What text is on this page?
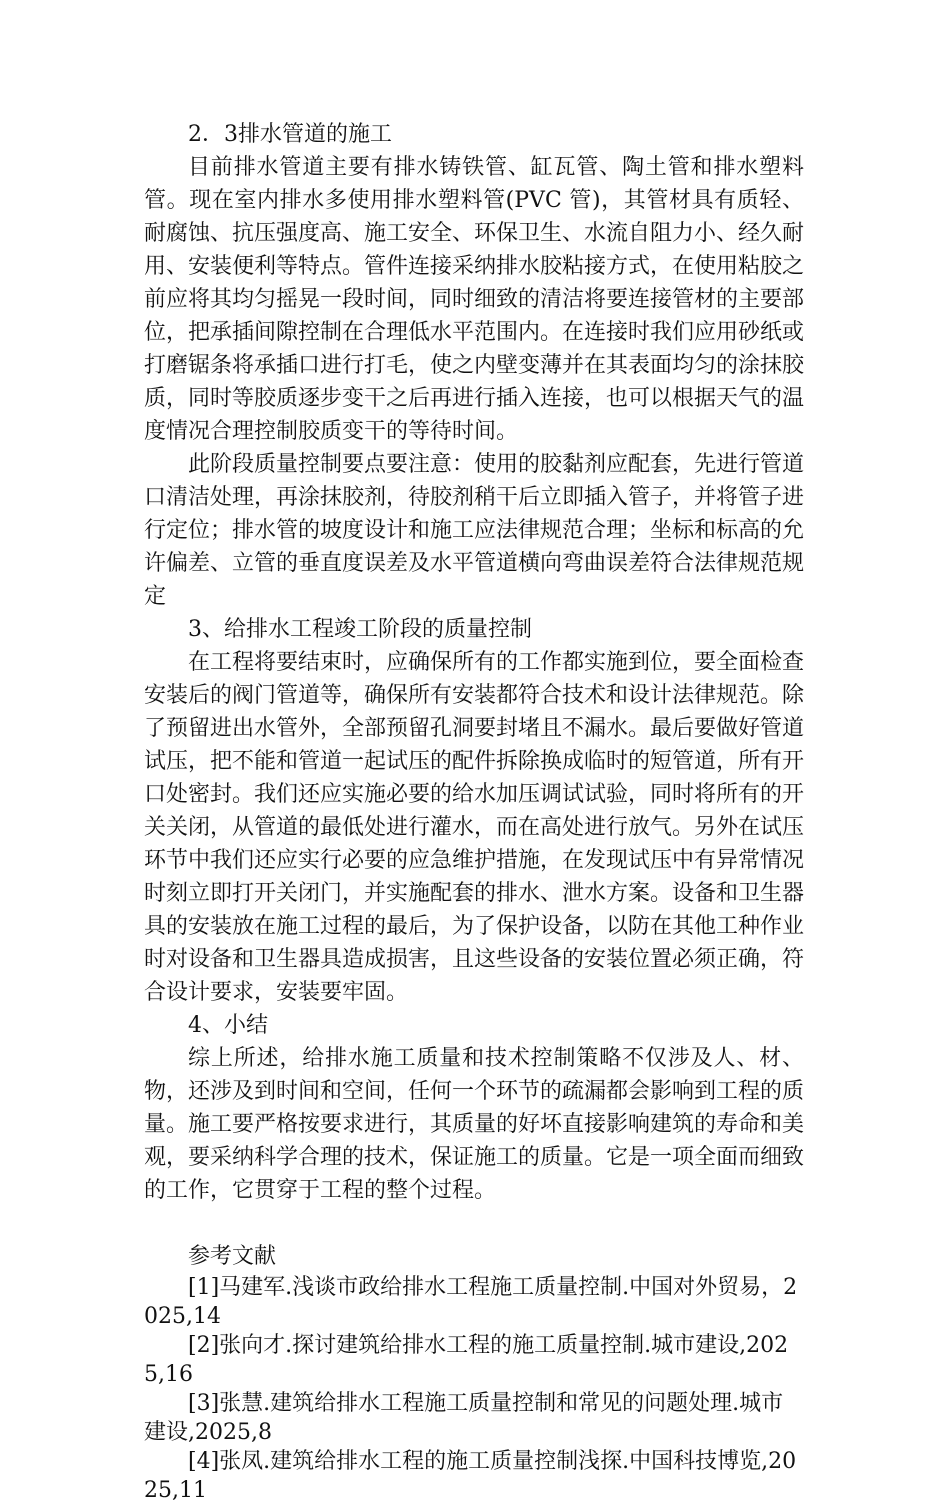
2．3排水管道的施工

目前排水管道主要有排水铸铁管、缸瓦管、陶土管和排水塑料管。现在室内排水多使用排水塑料管(PVC 管)，其管材具有质轻、耐腐蚀、抗压强度高、施工安全、环保卫生、水流自阻力小、经久耐用、安装便利等特点。管件连接采纳排水胶粘接方式，在使用粘胶之前应将其均匀摇晃一段时间，同时细致的清洁将要连接管材的主要部位，把承插间隙控制在合理低水平范围内。在连接时我们应用砂纸或打磨锯条将承插口进行打毛，使之内壁变薄并在其表面均匀的涂抹胶质，同时等胶质逐步变干之后再进行插入连接，也可以根据天气的温度情况合理控制胶质变干的等待时间。

此阶段质量控制要点要注意：使用的胶黏剂应配套，先进行管道口清洁处理，再涂抹胶剂，待胶剂稍干后立即插入管子，并将管子进行定位；排水管的坡度设计和施工应法律规范合理；坐标和标高的允许偏差、立管的垂直度误差及水平管道横向弯曲误差符合法律规范规定

3、给排水工程竣工阶段的质量控制

在工程将要结束时，应确保所有的工作都实施到位，要全面检查安装后的阀门管道等，确保所有安装都符合技术和设计法律规范。除了预留进出水管外，全部预留孔洞要封堵且不漏水。最后要做好管道试压，把不能和管道一起试压的配件拆除换成临时的短管道，所有开口处密封。我们还应实施必要的给水加压调试试验，同时将所有的开关关闭，从管道的最低处进行灌水，而在高处进行放气。另外在试压环节中我们还应实行必要的应急维护措施，在发现试压中有异常情况时刻立即打开关闭门，并实施配套的排水、泄水方案。设备和卫生器具的安装放在施工过程的最后，为了保护设备，以防在其他工种作业时对设备和卫生器具造成损害，且这些设备的安装位置必须正确，符合设计要求，安装要牢固。

4、小结

综上所述，给排水施工质量和技术控制策略不仅涉及人、材、物，还涉及到时间和空间，任何一个环节的疏漏都会影响到工程的质量。施工要严格按要求进行，其质量的好坏直接影响建筑的寿命和美观，要采纳科学合理的技术，保证施工的质量。它是一项全面而细致的工作，它贯穿于工程的整个过程。

参考文献

[1]马建军.浅谈市政给排水工程施工质量控制.中国对外贸易，2025,14

[2]张向才.探讨建筑给排水工程的施工质量控制.城市建设,2025,16

[3]张慧.建筑给排水工程施工质量控制和常见的问题处理.城市建设,2025,8

[4]张凤.建筑给排水工程的施工质量控制浅探.中国科技博览,2025,11
